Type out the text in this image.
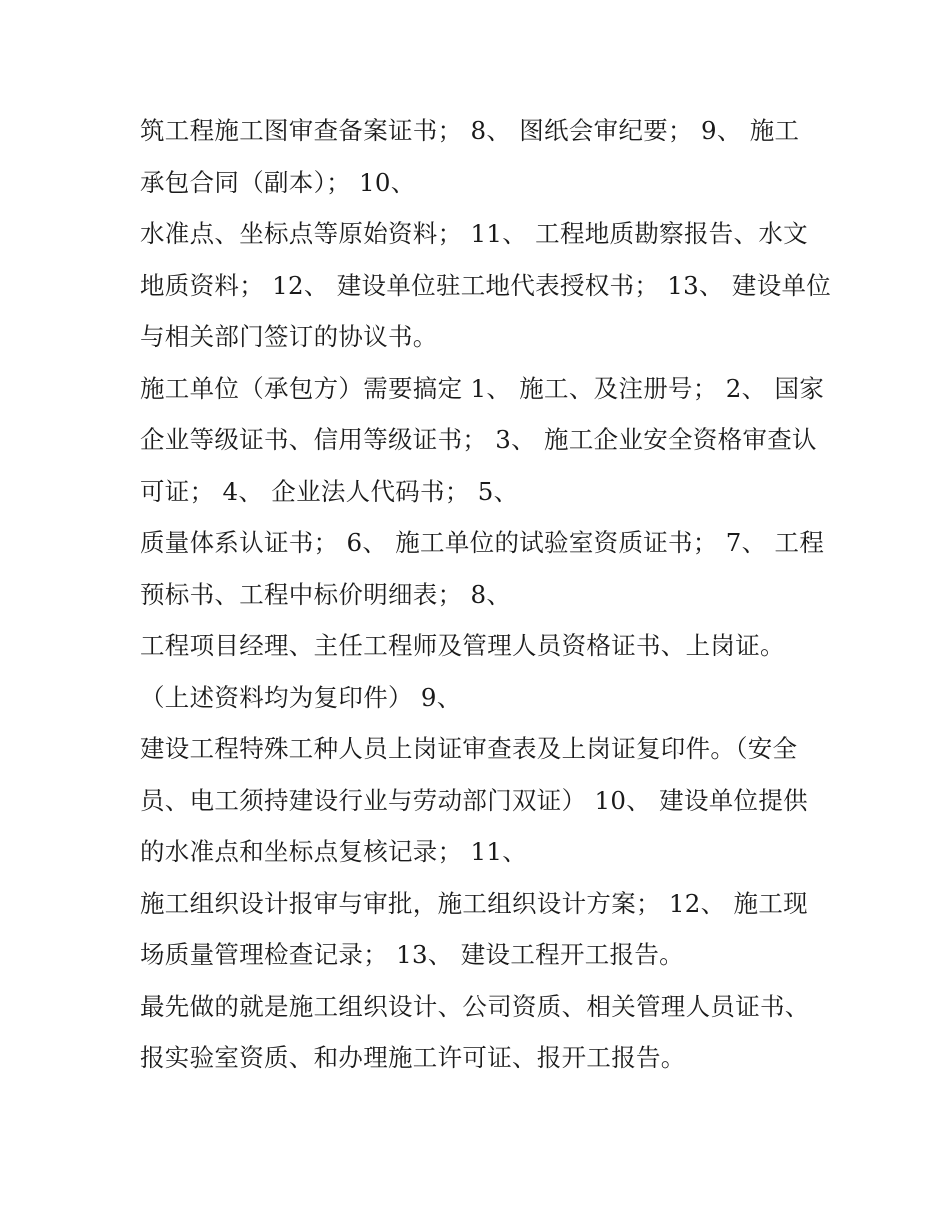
筑工程施工图审查备案证书； 8、 图纸会审纪要； 9、 施工
承包合同（副本）； 10、
水准点、坐标点等原始资料； 11、 工程地质勘察报告、水文
地质资料； 12、 建设单位驻工地代表授权书； 13、 建设单位
与相关部门签订的协议书。
施工单位（承包方）需要搞定 1、 施工、及注册号； 2、 国家
企业等级证书、信用等级证书； 3、 施工企业安全资格审查认
可证； 4、 企业法人代码书； 5、
质量体系认证书； 6、 施工单位的试验室资质证书； 7、 工程
预标书、工程中标价明细表； 8、
工程项目经理、主任工程师及管理人员资格证书、上岗证。
（上述资料均为复印件） 9、
建设工程特殊工种人员上岗证审查表及上岗证复印件。（安全
员、电工须持建设行业与劳动部门双证） 10、 建设单位提供
的水准点和坐标点复核记录； 11、
施工组织设计报审与审批，施工组织设计方案； 12、 施工现
场质量管理检查记录； 13、 建设工程开工报告。
最先做的就是施工组织设计、公司资质、相关管理人员证书、
报实验室资质、和办理施工许可证、报开工报告。
